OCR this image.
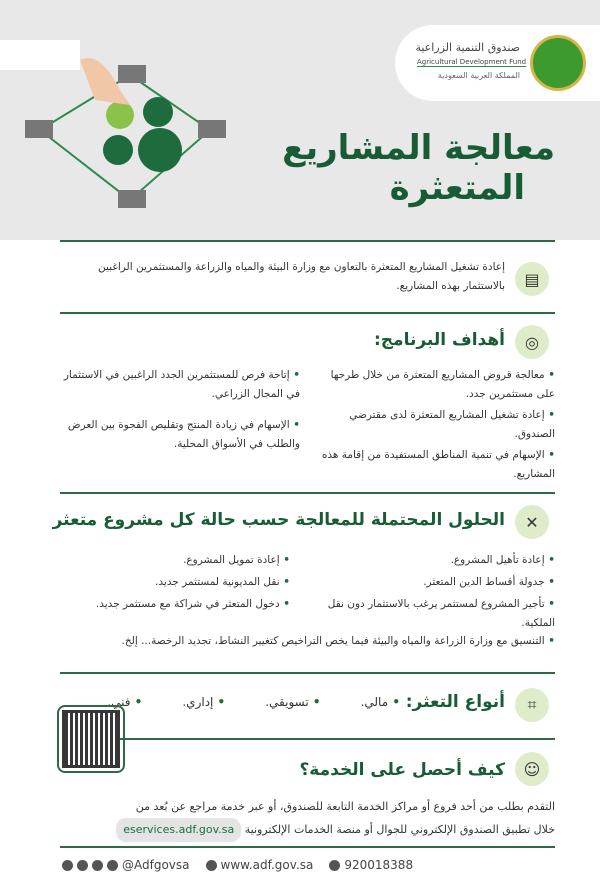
صندوق التنمية الزراعية
Agricultural Development Fund
المملكة العربية السعودية
معالجة المشاريع
المتعثرة
▤
إعادة تشغيل المشاريع المتعثرة بالتعاون مع وزارة البيئة والمياه والزراعة والمستثمرين الراغبين بالاستثمار بهذه المشاريع.
◎
أهداف البرنامج:
• معالجة قروض المشاريع المتعثرة من خلال طرحها على مستثمرين جدد.
• إعادة تشغيل المشاريع المتعثرة لدى مقترضي الصندوق.
• الإسهام في تنمية المناطق المستفيدة من إقامة هذه المشاريع.
• إتاحة فرص للمستثمرين الجدد الراغبين في الاستثمار في المجال الزراعي.
• الإسهام في زيادة المنتج وتقليص الفجوة بين العرض والطلب في الأسواق المحلية.
✕
الحلول المحتملة للمعالجة حسب حالة كل مشروع متعثر
• إعادة تأهيل المشروع.
• جدولة أقساط الدين المتعثر.
• تأجير المشروع لمستثمر يرغب بالاستثمار دون نقل الملكية.
• إعادة تمويل المشروع.
• نقل المديونية لمستثمر جديد.
• دخول المتعثر في شراكة مع مستثمر جديد.
• التنسيق مع وزارة الزراعة والمياه والبيئة فيما يخص التراخيص كتغيير النشاط، تجديد الرخصة... إلخ.
⌗
أنواع التعثر:
• مالي.
• تسويقي.
• إداري.
• فني.
☺
كيف أحصل على الخدمة؟
التقدم بطلب من أحد فروع أو مراكز الخدمة التابعة للصندوق، أو عبر خدمة مراجع عن بُعد من
خلال تطبيق الصندوق الإلكتروني للجوال أو منصة الخدمات الإلكترونية eservices.adf.gov.sa
@Adfgovsa	www.adf.gov.sa	920018388
